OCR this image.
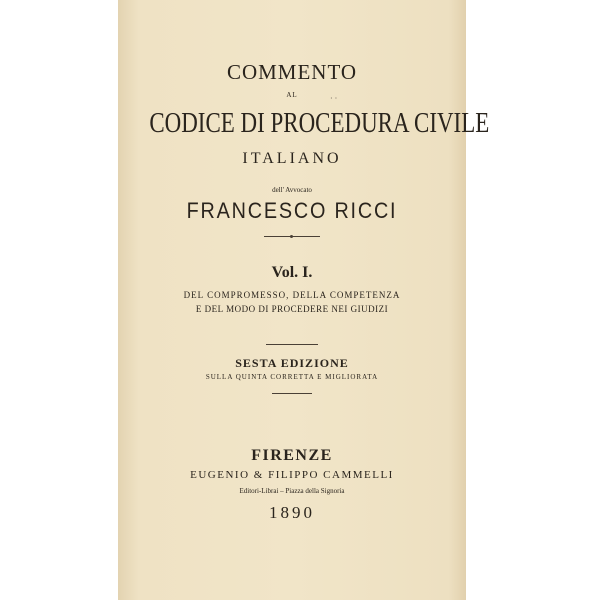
COMMENTO
AL	· ·
CODICE DI PROCEDURA CIVILE
ITALIANO
dell' Avvocato
FRANCESCO RICCI
Vol. I.
DEL COMPROMESSO, DELLA COMPETENZA
E DEL MODO DI PROCEDERE NEI GIUDIZI
SESTA EDIZIONE
SULLA QUINTA CORRETTA E MIGLIORATA
FIRENZE
EUGENIO & FILIPPO CAMMELLI
Editori-Librai – Piazza della Signoria
1890
